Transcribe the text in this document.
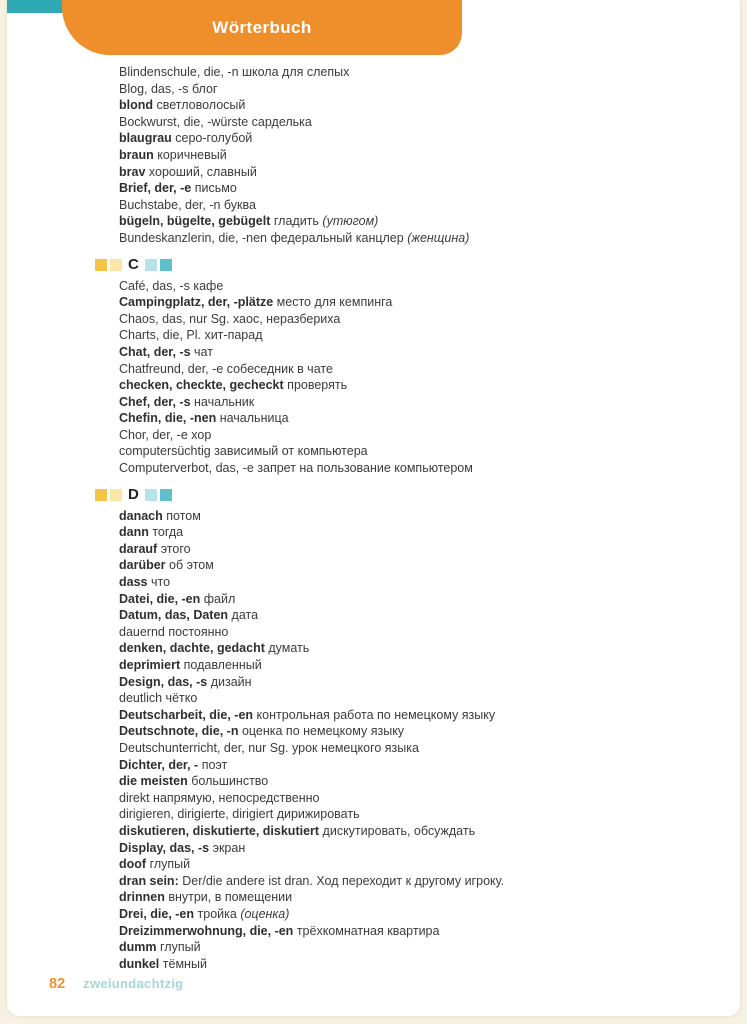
Wörterbuch
Blindenschule, die, -n школа для слепых
Blog, das, -s блог
blond светловолосый
Bockwurst, die, -würste сарделька
blaugrau серо-голубой
braun коричневый
brav хороший, славный
Brief, der, -e письмо
Buchstabe, der, -n буква
bügeln, bügelte, gebügelt гладить (утюгом)
Bundeskanzlerin, die, -nen федеральный канцлер (женщина)
C
Café, das, -s кафе
Campingplatz, der, -plätze место для кемпинга
Chaos, das, nur Sg. хаос, неразбериха
Charts, die, Pl. хит-парад
Chat, der, -s чат
Chatfreund, der, -e собеседник в чате
checken, checkte, gecheckt проверять
Chef, der, -s начальник
Chefin, die, -nen начальница
Chor, der, -e хор
computersüchtig зависимый от компьютера
Computerverbot, das, -e запрет на пользование компьютером
D
danach потом
dann тогда
darauf этого
darüber об этом
dass что
Datei, die, -en файл
Datum, das, Daten дата
dauernd постоянно
denken, dachte, gedacht думать
deprimiert подавленный
Design, das, -s дизайн
deutlich чётко
Deutscharbeit, die, -en контрольная работа по немецкому языку
Deutschnote, die, -n оценка по немецкому языку
Deutschunterricht, der, nur Sg. урок немецкого языка
Dichter, der, - поэт
die meisten большинство
direkt напрямую, непосредственно
dirigieren, dirigierte, dirigiert дирижировать
diskutieren, diskutierte, diskutiert дискутировать, обсуждать
Display, das, -s экран
doof глупый
dran sein: Der/die andere ist dran. Ход переходит к другому игроку.
drinnen внутри, в помещении
Drei, die, -en тройка (оценка)
Dreizimmerwohnung, die, -en трёхкомнатная квартира
dumm глупый
dunkel тёмный
82 zweiundachtzig
